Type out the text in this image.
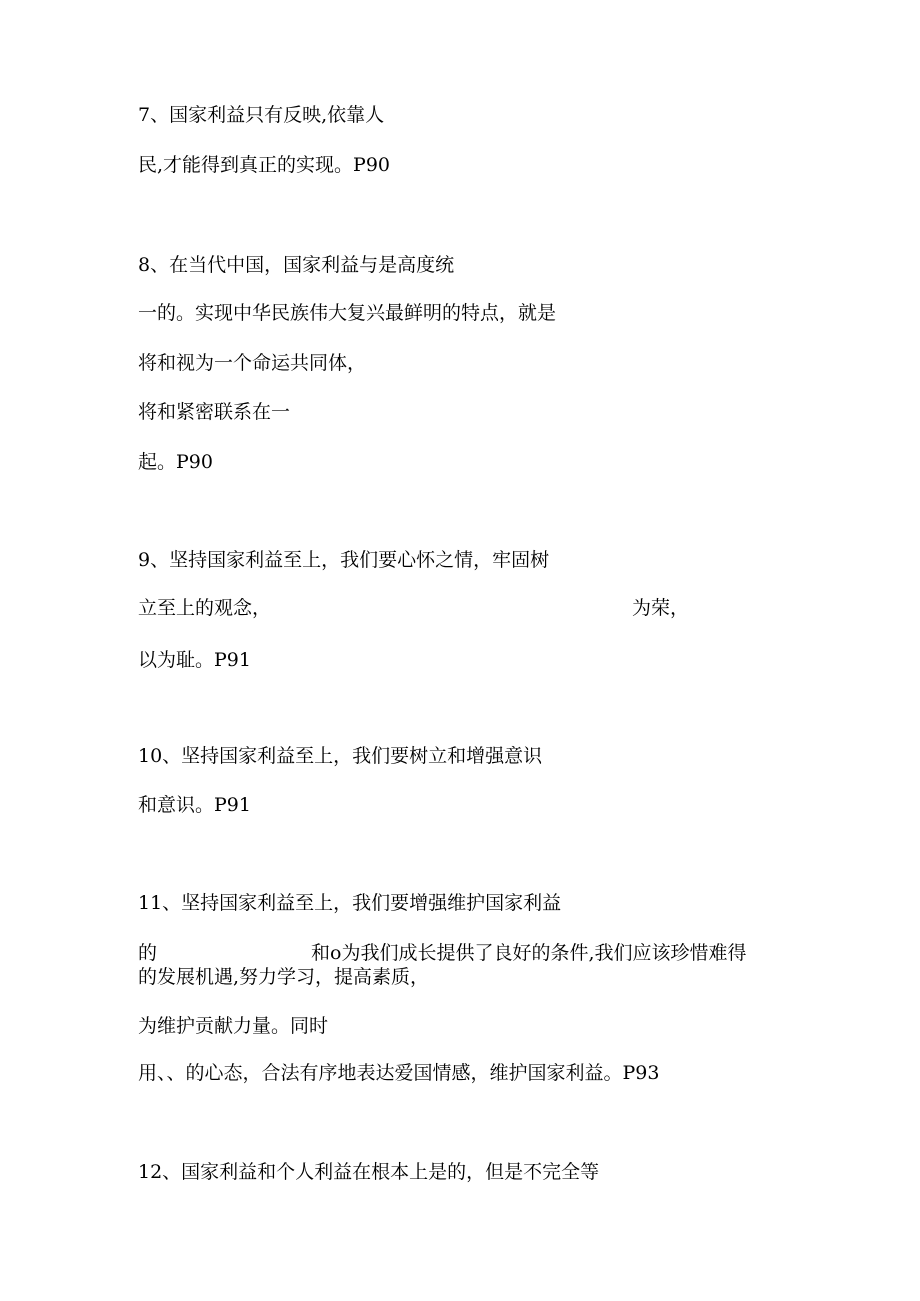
7、国家利益只有反映,依靠人
民,才能得到真正的实现。P90
8、在当代中国，国家利益与是高度统
一的。实现中华民族伟大复兴最鲜明的特点，就是
将和视为一个命运共同体，
将和紧密联系在一
起。P90
9、坚持国家利益至上，我们要心怀之情，牢固树
立至上的观念，	为荣，
以为耻。P91
10、坚持国家利益至上，我们要树立和增强意识
和意识。P91
11、坚持国家利益至上，我们要增强维护国家利益
的	和o为我们成长提供了良好的条件,我们应该珍惜难得
的发展机遇,努力学习，提高素质，
为维护贡献力量。同时
用、、的心态，合法有序地表达爱国情感，维护国家利益。P93
12、国家利益和个人利益在根本上是的，但是不完全等
